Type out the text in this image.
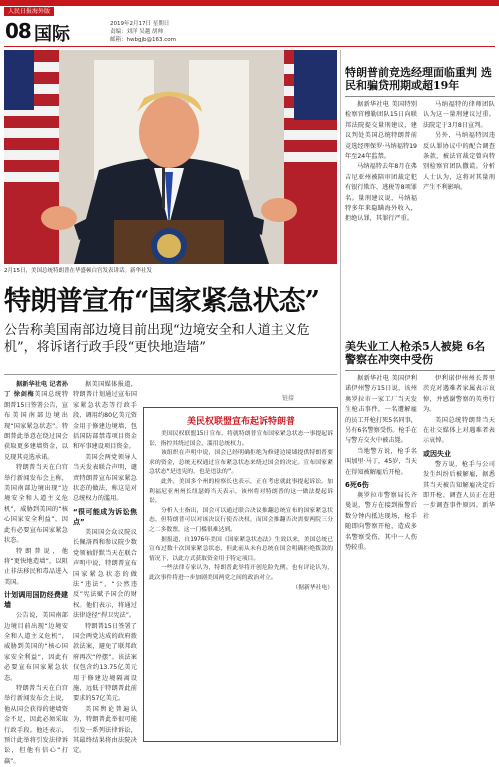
人民日报海外版
08 国际	2019年2月17日 星期日
责编：刘洋 吴越 胡帅
邮箱：hwbgjb@163.com
2月15日，美国总统特朗普在华盛顿白宫发表讲话。新华社发
特朗普宣布“国家紧急状态”
公告称美国南部边境目前出现“边境安全和人道主义危机”，将诉诸行政手段“更快地造墙”

据新华社电 记者孙丁 徐剑梅美国总统特朗普15日签署公告，宣布美国南部边境出现“国家紧急状态”。特朗普此举意在绕过国会获取更多建墙资金，以兑现其竞选承诺。

特朗普当天在白宫举行新闻发布会上称，美国南部边境出现“边境安全和人道主义危机”，威胁到美国的“核心国家安全利益”，因此有必要宣布国家紧急状态。

特朗普说，他将“更快地造墙”，以阻止非法移民和毒品进入美国。

计划调用国防经费建墙

公告说，美国南部边境目前出现“边境安全和人道主义危机”，威胁到美国的“核心国家安全利益”，因此有必要宣布国家紧急状态。

特朗普当天在白宫举行新闻发布会上说，他从国会获得的建墙资金不足，因此必须采取行政手段。他还表示，预计此举将引发法律诉讼，但他有信心“打赢”。

据美国媒体报道，特朗普计划通过宣布国家紧急状态等行政手段，调用约80亿美元资金用于修建边境墙，包括国防部禁毒项目资金和军事建设项目资金。

美国会两党领导人当天发表联合声明，谴责特朗普宣布国家紧急状态的做法，称这是对总统权力的滥用。

“很可能成为诉讼焦点”

美国国会众议院议长佩洛西和参议院少数党领袖舒默当天在联合声明中说，特朗普宣布国家紧急状态的做法“违法”，“公然违反”宪法赋予国会的财权。他们表示，将通过法律途径“捍卫宪法”。

特朗普15日签署了国会两党达成的政府拨款法案，避免了联邦政府再次“停摆”。该法案仅包含约13.75亿美元用于修建边境隔离设施，远低于特朗普此前要求的57亿美元。

美国舆论普遍认为，特朗普此举很可能引发一系列法律诉讼，其最终结果将由法院决定。

链接
美民权联盟宣布起诉特朗普

美国民权联盟15日宣布，将就特朗普宣布国家紧急状态一事提起诉讼，指控其绕过国会、滥用总统权力。

该组织在声明中说，国会已经明确拒绝为修建边境墙提供特朗普要求的资金，总统无权通过宣布紧急状态来绕过国会的决定。宣布国家紧急状态“是违宪的，也是违法的”。

此外，美国多个州的检察长也表示，正在考虑就此事提起诉讼。加利福尼亚州州长纽瑟姆当天表示，该州将对特朗普的这一做法提起诉讼。

分析人士指出，国会可以通过联合决议推翻总统宣布的国家紧急状态，但特朗普可以对该决议行使否决权，而国会推翻否决需要两院三分之二多数票，这一门槛很难达到。

据报道，自1976年美国《国家紧急状态法》生效以来，美国总统已宣布过数十次国家紧急状态，但此前从未有总统在国会明确拒绝拨款的情况下，以此方式获取资金用于特定项目。

一些法律专家认为，特朗普此举将开创危险先例。也有评论认为，此次事件将进一步加剧美国两党之间的政治对立。

（据新华社电）

特朗普前竞选经理面临重判 选民和骗贷刑期或超19年

据新华社电 美国特别检察官穆勒团队15日向联邦法院提交量刑建议，建议判处美国总统特朗普前竞选经理保罗·马纳福特19年至24年监禁。

马纳福特去年8月在弗吉尼亚州被陪审团裁定犯有银行欺诈、逃税等8项罪名。量刑建议说，马纳福特多年来隐瞒海外收入，拒绝认罪，其罪行严重。

马纳福特的律师团队认为这一量刑建议过重。法院定于3月8日宣判。

另外，马纳福特因违反认罪协议中的配合调查条款，被法官裁定曾向特别检察官团队撒谎。分析人士认为，这将对其量刑产生不利影响。

美失业工人枪杀5人被毙 6名警察在冲突中受伤

据新华社电 美国伊利诺伊州警方15日说，该州奥罗拉市一家工厂当天发生枪击事件，一名遭解雇的员工开枪打死5名同事，另有6名警察受伤。枪手在与警方交火中被击毙。

当地警方说，枪手名叫加里·马丁，45岁，当天在得知被解雇后开枪。

6死6伤

奥罗拉市警察局长齐曼说，警方在接到报警后数分钟内抵达现场，枪手随即向警察开枪，造成多名警察受伤，其中一人伤势较重。

伊利诺伊州州长普里茨克对遇难者家属表示哀悼，并感谢警察的英勇行为。

美国总统特朗普当天在社交媒体上对遇难者表示哀悼。

或因失业

警方说，枪手与公司发生纠纷后被解雇，据悉其当天被告知解雇决定后即开枪。调查人员正在进一步调查事件原因。新华社
